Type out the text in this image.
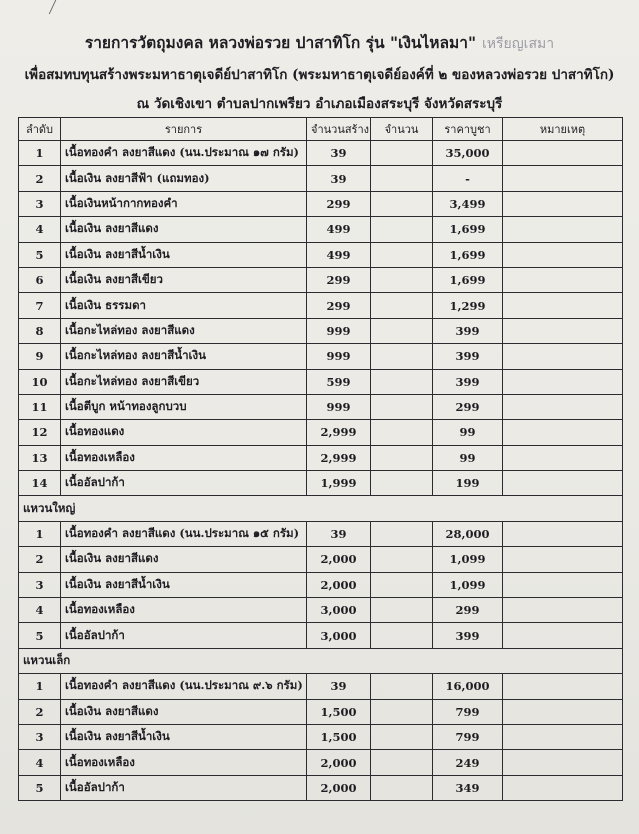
รายการวัตถุมงคล หลวงพ่อรวย ปาสาทิโก รุ่น "เงินไหลมา" เหรียญเสมา
เพื่อสมทบทุนสร้างพระมหาธาตุเจดีย์ปาสาทิโก (พระมหาธาตุเจดีย์องค์ที่ ๒ ของหลวงพ่อรวย ปาสาทิโก)
ณ วัดเชิงเขา ตำบลปากเพรียว อำเภอเมืองสระบุรี จังหวัดสระบุรี
ลำดับ	รายการ	จำนวนสร้าง	จำนวน	ราคาบูชา	หมายเหตุ
1	เนื้อทองคำ ลงยาสีแดง (นน.ประมาณ ๑๗ กรัม)	39		35,000	
2	เนื้อเงิน ลงยาสีฟ้า (แถมทอง)	39		-	
3	เนื้อเงินหน้ากากทองคำ	299		3,499	
4	เนื้อเงิน ลงยาสีแดง	499		1,699	
5	เนื้อเงิน ลงยาสีน้ำเงิน	499		1,699	
6	เนื้อเงิน ลงยาสีเขียว	299		1,699	
7	เนื้อเงิน ธรรมดา	299		1,299	
8	เนื้อกะไหล่ทอง ลงยาสีแดง	999		399	
9	เนื้อกะไหล่ทอง ลงยาสีน้ำเงิน	999		399	
10	เนื้อกะไหล่ทอง ลงยาสีเขียว	599		399	
11	เนื้อตีบูก หน้าทองลูกบวบ	999		299	
12	เนื้อทองแดง	2,999		99	
13	เนื้อทองเหลือง	2,999		99	
14	เนื้ออัลปาก้า	1,999		199	
แหวนใหญ่					
1	เนื้อทองคำ ลงยาสีแดง (นน.ประมาณ ๑๕ กรัม)	39		28,000	
2	เนื้อเงิน ลงยาสีแดง	2,000		1,099	
3	เนื้อเงิน ลงยาสีน้ำเงิน	2,000		1,099	
4	เนื้อทองเหลือง	3,000		299	
5	เนื้ออัลปาก้า	3,000		399	
แหวนเล็ก					
1	เนื้อทองคำ ลงยาสีแดง (นน.ประมาณ ๙.๖ กรัม)	39		16,000	
2	เนื้อเงิน ลงยาสีแดง	1,500		799	
3	เนื้อเงิน ลงยาสีน้ำเงิน	1,500		799	
4	เนื้อทองเหลือง	2,000		249	
5	เนื้ออัลปาก้า	2,000		349	
